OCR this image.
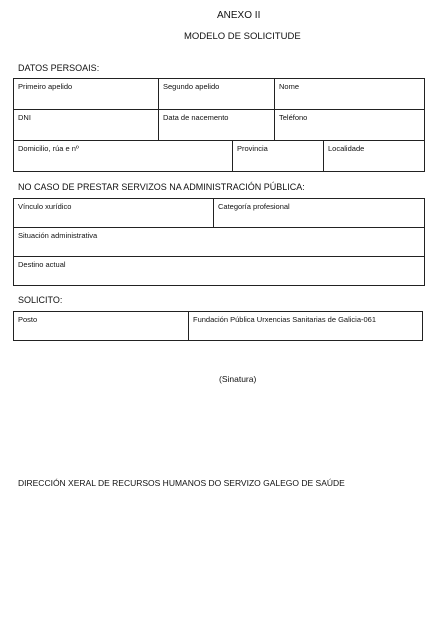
ANEXO II
MODELO DE SOLICITUDE
DATOS PERSOAIS:
Primeiro apelido	Segundo apelido	Nome
DNI	Data de nacemento	Teléfono
Domicilio, rúa e nº	Provincia	Localidade
NO CASO DE PRESTAR SERVIZOS NA ADMINISTRACIÓN PÚBLICA:
Vínculo xurídico	Categoría profesional
Situación administrativa
Destino actual
SOLICITO:
Posto	Fundación Pública Urxencias Sanitarias de Galicia-061
(Sinatura)
DIRECCIÓN XERAL DE RECURSOS HUMANOS DO SERVIZO GALEGO DE SAÚDE
